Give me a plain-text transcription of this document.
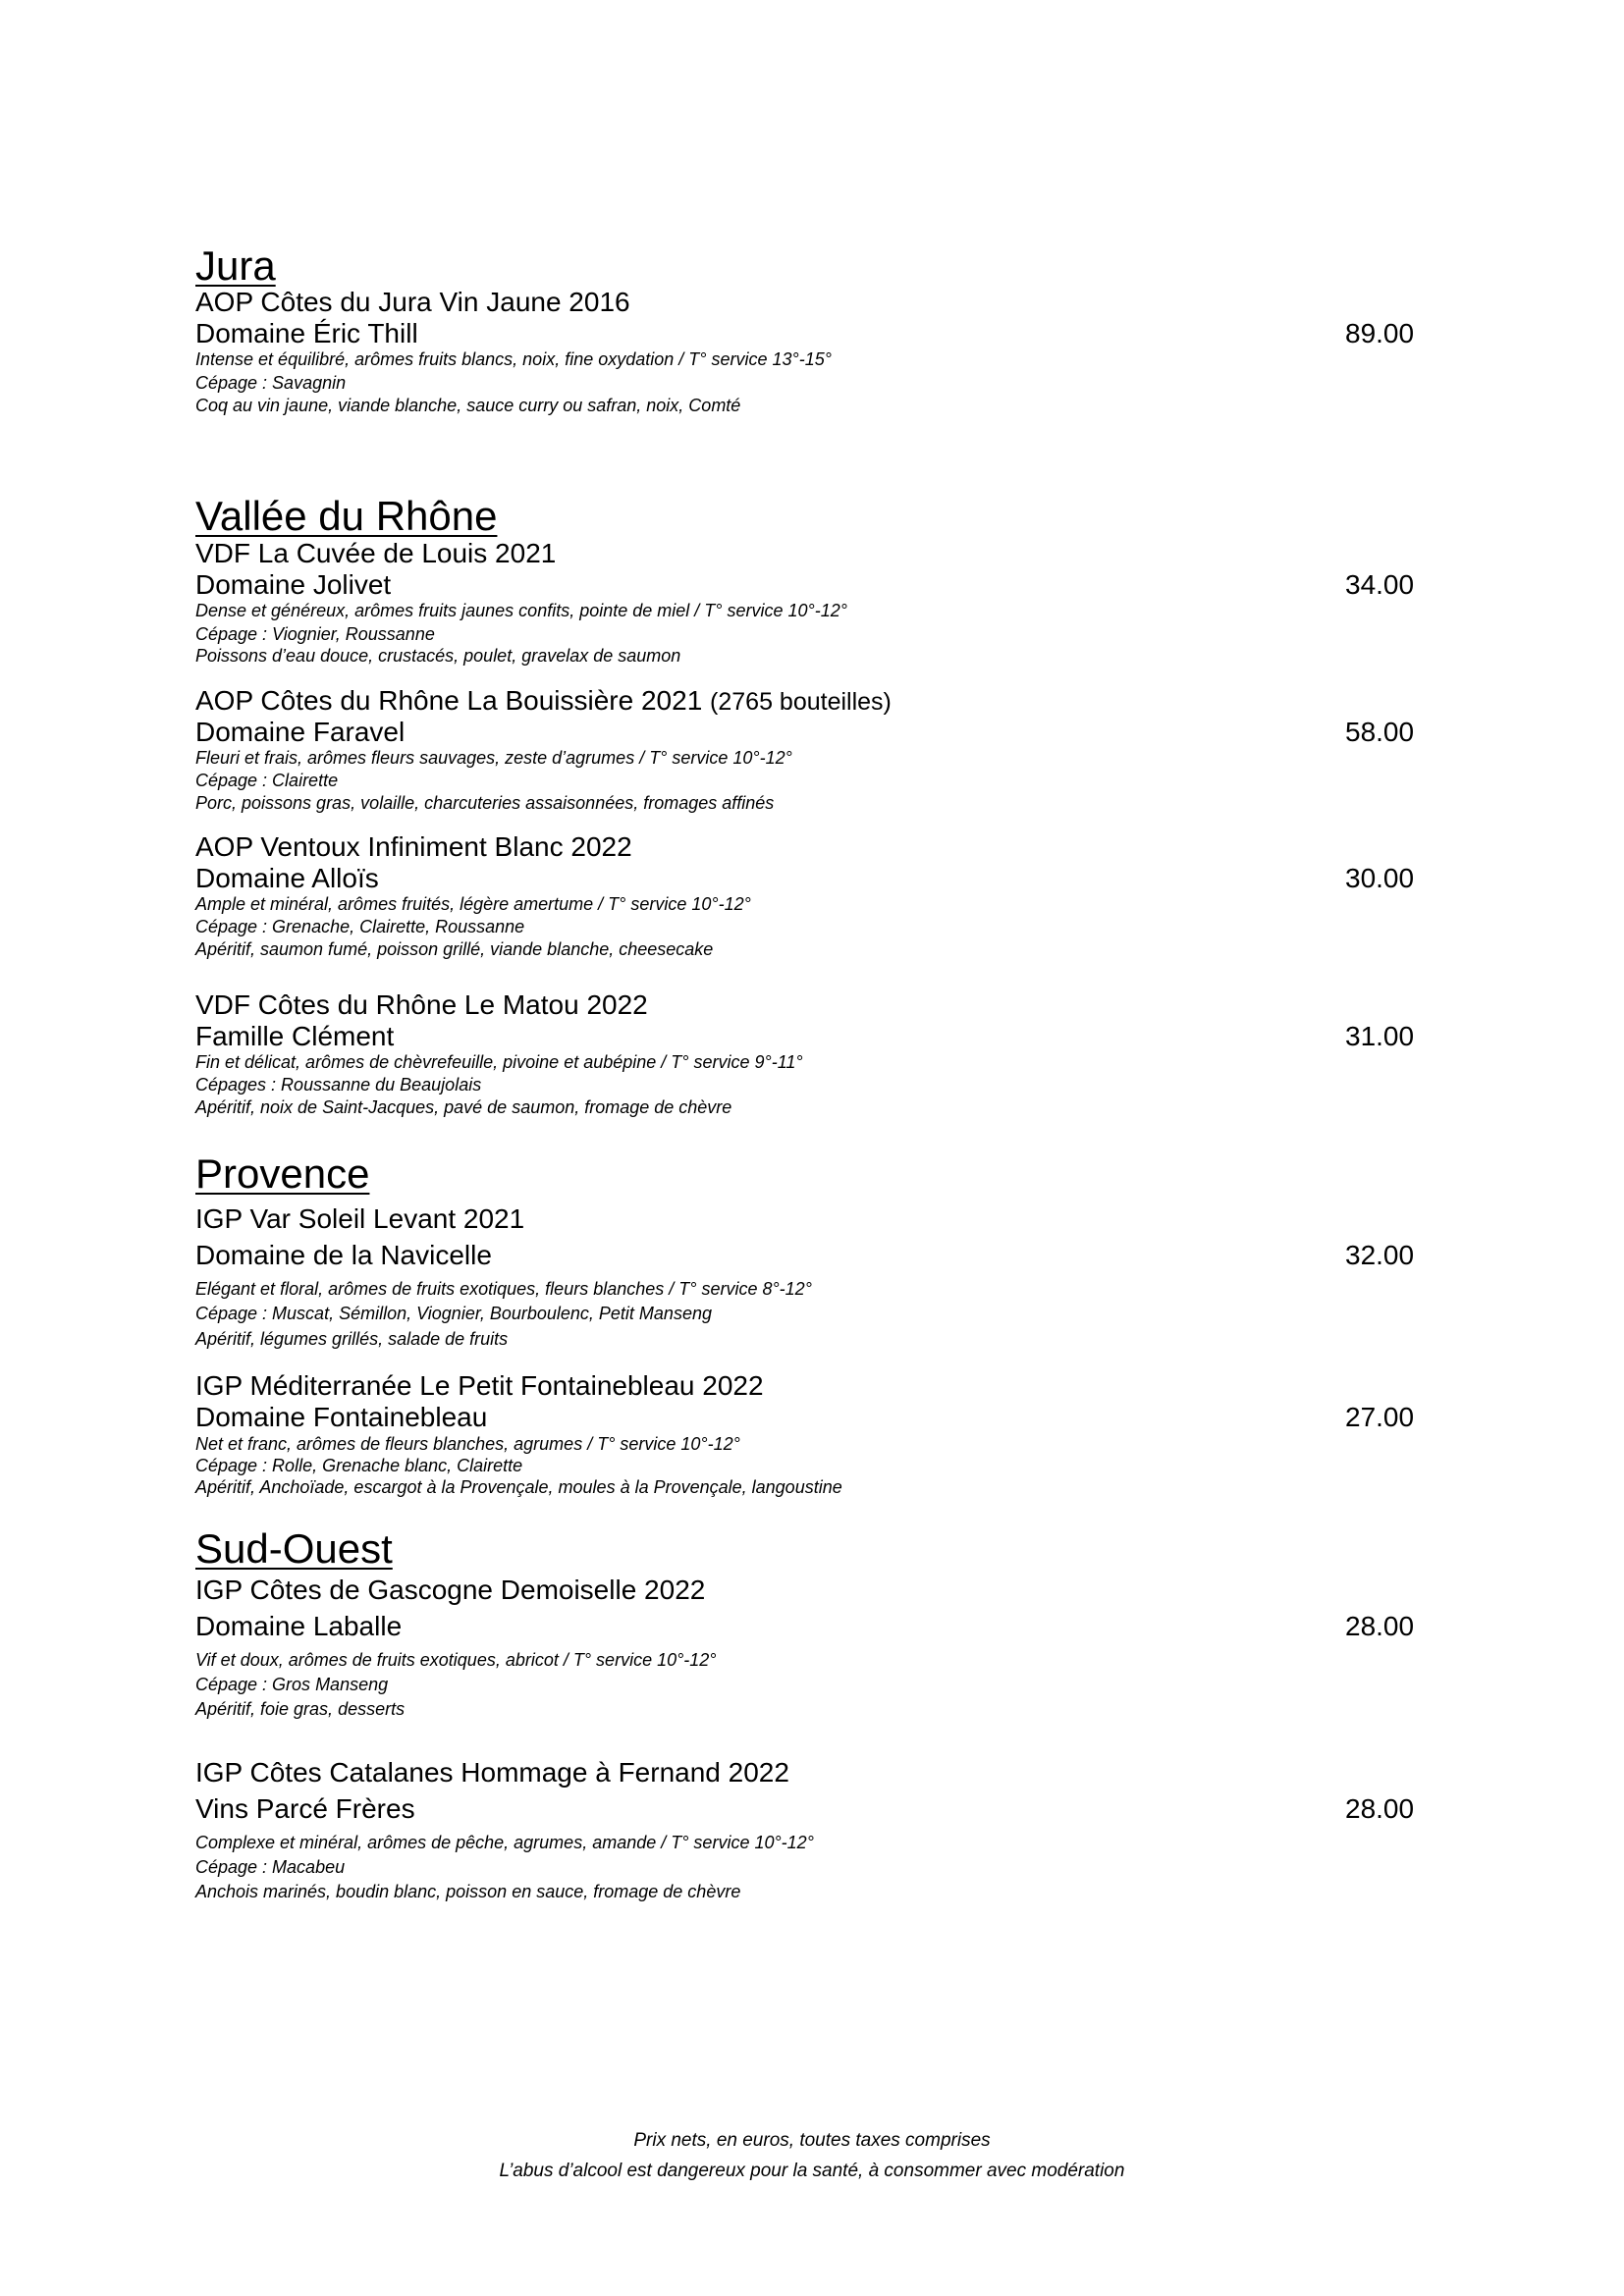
Jura
AOP Côtes du Jura Vin Jaune 2016
Domaine Éric Thill	89.00
Intense et équilibré, arômes fruits blancs, noix, fine oxydation / T° service 13°-15°
Cépage : Savagnin
Coq au vin jaune, viande blanche, sauce curry ou safran, noix, Comté
Vallée du Rhône
VDF La Cuvée de Louis 2021
Domaine Jolivet	34.00
Dense et généreux, arômes fruits jaunes confits, pointe de miel / T° service 10°-12°
Cépage : Viognier, Roussanne
Poissons d’eau douce, crustacés, poulet, gravelax de saumon
AOP Côtes du Rhône La Bouissière 2021 (2765 bouteilles)
Domaine Faravel	58.00
Fleuri et frais, arômes fleurs sauvages, zeste d’agrumes / T° service 10°-12°
Cépage : Clairette
Porc, poissons gras, volaille, charcuteries assaisonnées, fromages affinés
AOP Ventoux Infiniment Blanc 2022
Domaine Alloïs	30.00
Ample et minéral, arômes fruités, légère amertume / T° service 10°-12°
Cépage : Grenache, Clairette, Roussanne
Apéritif, saumon fumé, poisson grillé, viande blanche, cheesecake
VDF Côtes du Rhône Le Matou 2022
Famille Clément	31.00
Fin et délicat, arômes de chèvrefeuille, pivoine et aubépine / T° service 9°-11°
Cépages : Roussanne du Beaujolais
Apéritif, noix de Saint-Jacques, pavé de saumon, fromage de chèvre
Provence
IGP Var Soleil Levant 2021
Domaine de la Navicelle	32.00
Elégant et floral, arômes de fruits exotiques, fleurs blanches / T° service 8°-12°
Cépage : Muscat, Sémillon, Viognier, Bourboulenc, Petit Manseng
Apéritif, légumes grillés, salade de fruits
IGP Méditerranée Le Petit Fontainebleau 2022
Domaine Fontainebleau	27.00
Net et franc, arômes de fleurs blanches, agrumes / T° service 10°-12°
Cépage : Rolle, Grenache blanc, Clairette
Apéritif, Anchoïade, escargot à la Provençale, moules à la Provençale, langoustine
Sud-Ouest
IGP Côtes de Gascogne Demoiselle 2022
Domaine Laballe	28.00
Vif et doux, arômes de fruits exotiques, abricot / T° service 10°-12°
Cépage : Gros Manseng
Apéritif, foie gras, desserts
IGP Côtes Catalanes Hommage à Fernand 2022
Vins Parcé Frères	28.00
Complexe et minéral, arômes de pêche, agrumes, amande / T° service 10°-12°
Cépage : Macabeu
Anchois marinés, boudin blanc, poisson en sauce, fromage de chèvre
Prix nets, en euros, toutes taxes comprises
L’abus d’alcool est dangereux pour la santé, à consommer avec modération
